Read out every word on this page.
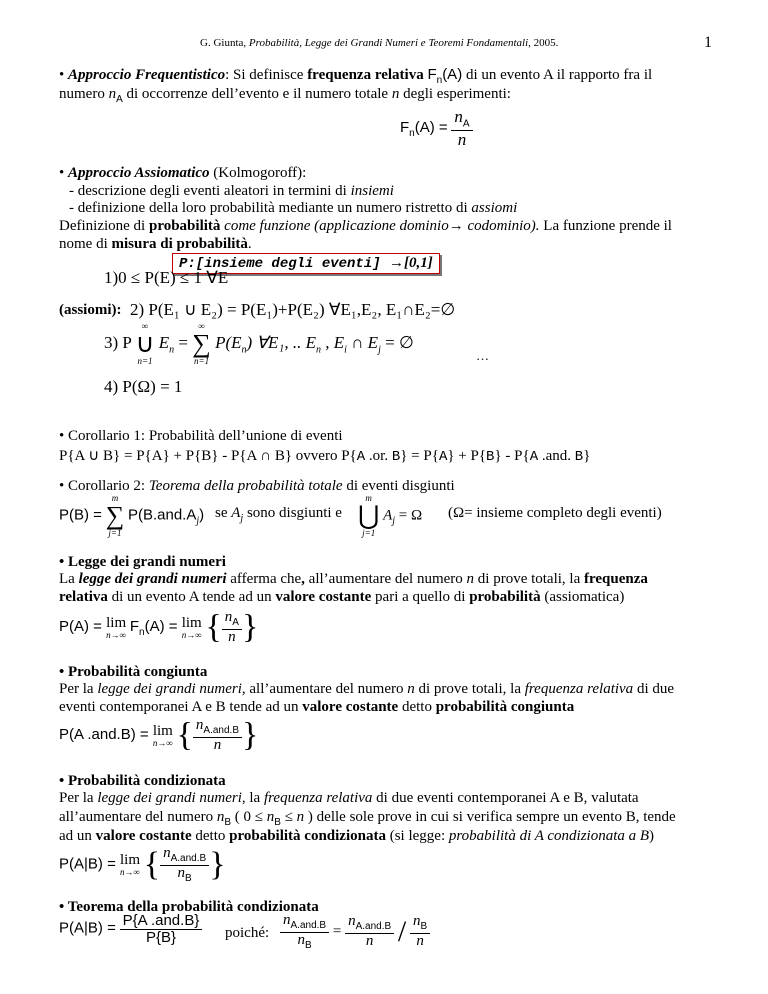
G. Giunta, Probabilità, Legge dei Grandi Numeri e Teoremi Fondamentali, 2005.	1
• Approccio Frequentistico: Si definisce frequenza relativa $F_n(A)$ di un evento A il rapporto fra il
numero $n_A$ di occorrenze dell’evento e il numero totale n degli esperimenti:
$F_n(A) = \frac{n_A}{n}$
• Approccio Assiomatico (Kolmogoroff):
- descrizione degli eventi aleatori in termini di insiemi
- definizione della loro probabilità mediante un numero ristretto di assiomi
Definizione di probabilità come funzione (applicazione dominio→ codominio). La funzione prende il
nome di misura di probabilità.
P:[insieme degli eventi] →[0,1]
1)0 ≤ P(E) ≤ 1 ∀E
(assiomi): 2) P(E₁ ∪ E₂) = P(E₁)+P(E₂) ∀E₁,E₂, E₁∩E₂=∅
3) P
∞
∪
n=1
$E_n$ =
∞
∑
n=1
$P(E_n)$ ∀E₁, .. $E_n$ , $E_i$ ∩ $E_j$ = ∅
…
4) P(Ω) = 1
• Corollario 1: Probabilità dell’unione di eventi
P{A ∪ B} = P{A} + P{B} - P{A ∩ B} ovvero P{A .or. B} = P{A} + P{B} - P{A .and. B}
• Corollario 2: Teorema della probabilità totale di eventi disgiunti
P(B) =
m
∑
j=1
$P(B.and.A_j)$ se $A_j$ sono disgiunti e
m
⋃
j=1
$A_j = \Omega$ (Ω= insieme completo degli eventi)
• Legge dei grandi numeri
La legge dei grandi numeri afferma che, all’aumentare del numero n di prove totali, la frequenza
relativa di un evento A tende ad un valore costante pari a quello di probabilità (assiomatica)
P(A) = lim
n→∞ $F_n(A) = \lim$
n→∞ { $\frac{n_A}{n}$ }
• Probabilità congiunta
Per la legge dei grandi numeri, all’aumentare del numero n di prove totali, la frequenza relativa di due
eventi contemporanei A e B tende ad un valore costante detto probabilità congiunta
P(A .and.B) = lim
n→∞ { $\frac{n_{A.and.B}}{n}$ }
• Probabilità condizionata
Per la legge dei grandi numeri, la frequenza relativa di due eventi contemporanei A e B, valutata
all’aumentare del numero $n_B$ ( $0 \le n_B \le n$ ) delle sole prove in cui si verifica sempre un evento B, tende
ad un valore costante detto probabilità condizionata (si legge: probabilità di A condizionata a B)
P(A|B) = lim
n→∞ { $\frac{n_{A.and.B}}{n_B}$ }
• Teorema della probabilità condizionata
$P(A|B) = \frac{\text{P\{A .and.B\}}}{P\{B\}}$ poiché: $\frac{n_{A.and.B}}{n_B} = \frac{n_{A.and.B}}{n} / \frac{n_B}{n}$
